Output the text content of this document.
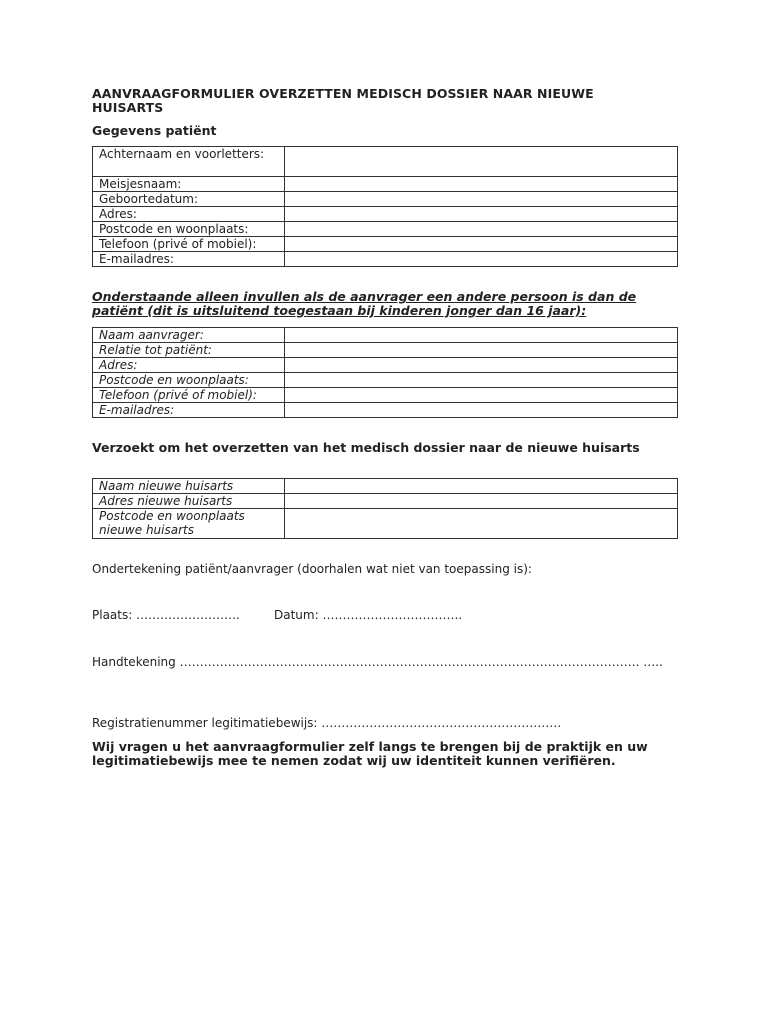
AANVRAAGFORMULIER OVERZETTEN MEDISCH DOSSIER NAAR NIEUWE HUISARTS
Gegevens patiënt
Achternaam en voorletters:	
Meisjesnaam:	
Geboortedatum:	
Adres:	
Postcode en woonplaats:	
Telefoon (privé of mobiel):	
E-mailadres:	
Onderstaande alleen invullen als de aanvrager een andere persoon is dan de patiënt (dit is uitsluitend toegestaan bij kinderen jonger dan 16 jaar):
Naam aanvrager:	
Relatie tot patiënt:	
Adres:	
Postcode en woonplaats:	
Telefoon (privé of mobiel):	
E-mailadres:	
Verzoekt om het overzetten van het medisch dossier naar de nieuwe huisarts
Naam nieuwe huisarts	
Adres nieuwe huisarts	
Postcode en woonplaats nieuwe huisarts	
Ondertekening patiënt/aanvrager (doorhalen wat niet van toepassing is):
Plaats: ……………………..	Datum: ……………………………..
Handtekening ……………………………………………………………………………………………………. …..
Registratienummer legitimatiebewijs: ……………………………………………………
Wij vragen u het aanvraagformulier zelf langs te brengen bij de praktijk en uw legitimatiebewijs mee te nemen zodat wij uw identiteit kunnen verifiëren.
